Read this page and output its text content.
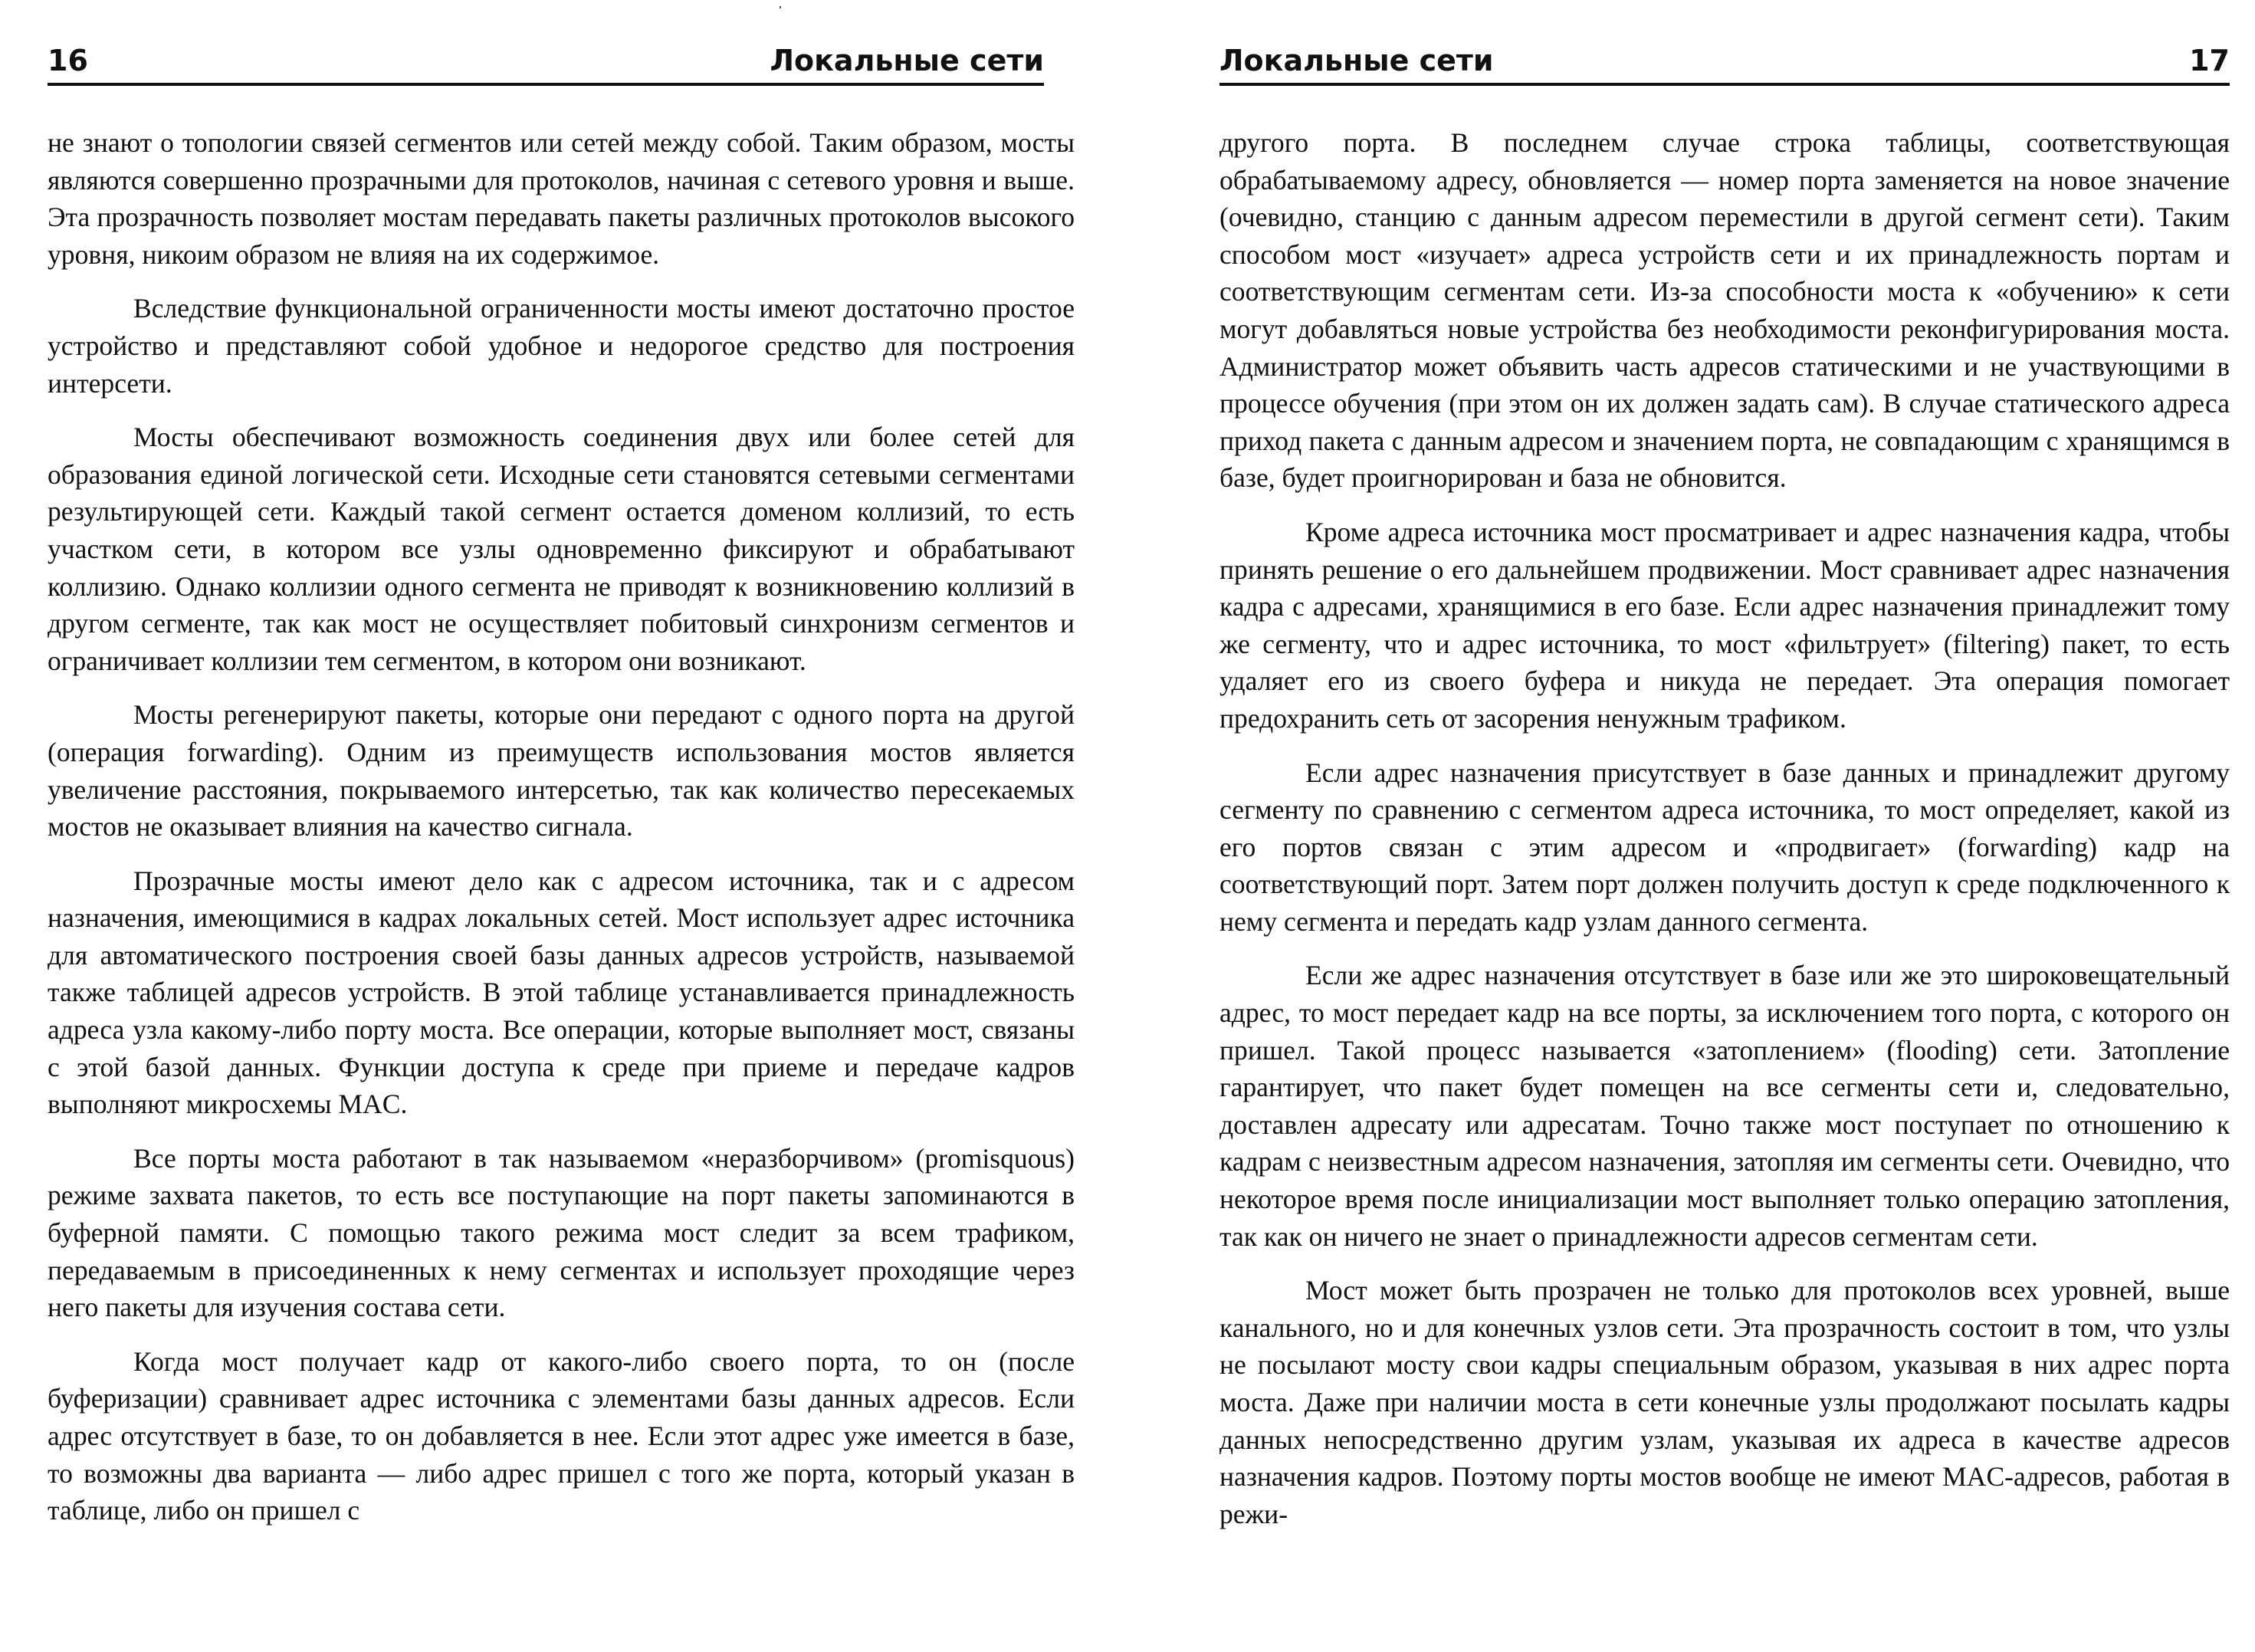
16	Локальные сети

не знают о топологии связей сегментов или сетей между собой. Таким образом, мосты являются совершенно прозрачными для протоколов, начиная с сетевого уровня и выше. Эта прозрачность позволяет мостам передавать пакеты различных протоколов высокого уровня, никоим образом не влияя на их содержимое.

Вследствие функциональной ограниченности мосты имеют достаточно простое устройство и представляют собой удобное и недорогое средство для построения интерсети.

Мосты обеспечивают возможность соединения двух или более сетей для образования единой логической сети. Исходные сети становятся сетевыми сегментами результирующей сети. Каждый такой сегмент остается доменом коллизий, то есть участком сети, в котором все узлы одновременно фиксируют и обрабатывают коллизию. Однако коллизии одного сегмента не приводят к возникновению коллизий в другом сегменте, так как мост не осуществляет побитовый синхронизм сегментов и ограничивает коллизии тем сегментом, в котором они возникают.

Мосты регенерируют пакеты, которые они передают с одного порта на другой (операция forwarding). Одним из преимуществ использования мостов является увеличение расстояния, покрываемого интерсетью, так как количество пересекаемых мостов не оказывает влияния на качество сигнала.

Прозрачные мосты имеют дело как с адресом источника, так и с адресом назначения, имеющимися в кадрах локальных сетей. Мост использует адрес источника для автоматического построения своей базы данных адресов устройств, называемой также таблицей адресов устройств. В этой таблице устанавливается принадлежность адреса узла какому-либо порту моста. Все операции, которые выполняет мост, связаны с этой базой данных. Функции доступа к среде при приеме и передаче кадров выполняют микросхемы MAC.

Все порты моста работают в так называемом «неразборчивом» (promisquous) режиме захвата пакетов, то есть все поступающие на порт пакеты запоминаются в буферной памяти. С помощью такого режима мост следит за всем трафиком, передаваемым в присоединенных к нему сегментах и использует проходящие через него пакеты для изучения состава сети.

Когда мост получает кадр от какого-либо своего порта, то он (после буферизации) сравнивает адрес источника с элементами базы данных адресов. Если адрес отсутствует в базе, то он добавляется в нее. Если этот адрес уже имеется в базе, то возможны два варианта — либо адрес пришел с того же порта, который указан в таблице, либо он пришел с

Локальные сети	17

другого порта. В последнем случае строка таблицы, соответствующая обрабатываемому адресу, обновляется — номер порта заменяется на новое значение (очевидно, станцию с данным адресом переместили в другой сегмент сети). Таким способом мост «изучает» адреса устройств сети и их принадлежность портам и соответствующим сегментам сети. Из-за способности моста к «обучению» к сети могут добавляться новые устройства без необходимости реконфигурирования моста. Администратор может объявить часть адресов статическими и не участвующими в процессе обучения (при этом он их должен задать сам). В случае статического адреса приход пакета с данным адресом и значением порта, не совпадающим с хранящимся в базе, будет проигнорирован и база не обновится.

Кроме адреса источника мост просматривает и адрес назначения кадра, чтобы принять решение о его дальнейшем продвижении. Мост сравнивает адрес назначения кадра с адресами, хранящимися в его базе. Если адрес назначения принадлежит тому же сегменту, что и адрес источника, то мост «фильтрует» (filtering) пакет, то есть удаляет его из своего буфера и никуда не передает. Эта операция помогает предохранить сеть от засорения ненужным трафиком.

Если адрес назначения присутствует в базе данных и принадлежит другому сегменту по сравнению с сегментом адреса источника, то мост определяет, какой из его портов связан с этим адресом и «продвигает» (forwarding) кадр на соответствующий порт. Затем порт должен получить доступ к среде подключенного к нему сегмента и передать кадр узлам данного сегмента.

Если же адрес назначения отсутствует в базе или же это широковещательный адрес, то мост передает кадр на все порты, за исключением того порта, с которого он пришел. Такой процесс называется «затоплением» (flooding) сети. Затопление гарантирует, что пакет будет помещен на все сегменты сети и, следовательно, доставлен адресату или адресатам. Точно также мост поступает по отношению к кадрам с неизвестным адресом назначения, затопляя им сегменты сети. Очевидно, что некоторое время после инициализации мост выполняет только операцию затопления, так как он ничего не знает о принадлежности адресов сегментам сети.

Мост может быть прозрачен не только для протоколов всех уровней, выше канального, но и для конечных узлов сети. Эта прозрачность состоит в том, что узлы не посылают мосту свои кадры специальным образом, указывая в них адрес порта моста. Даже при наличии моста в сети конечные узлы продолжают посылать кадры данных непосредственно другим узлам, указывая их адреса в качестве адресов назначения кадров. Поэтому порты мостов вообще не имеют MAC-адресов, работая в режи-
